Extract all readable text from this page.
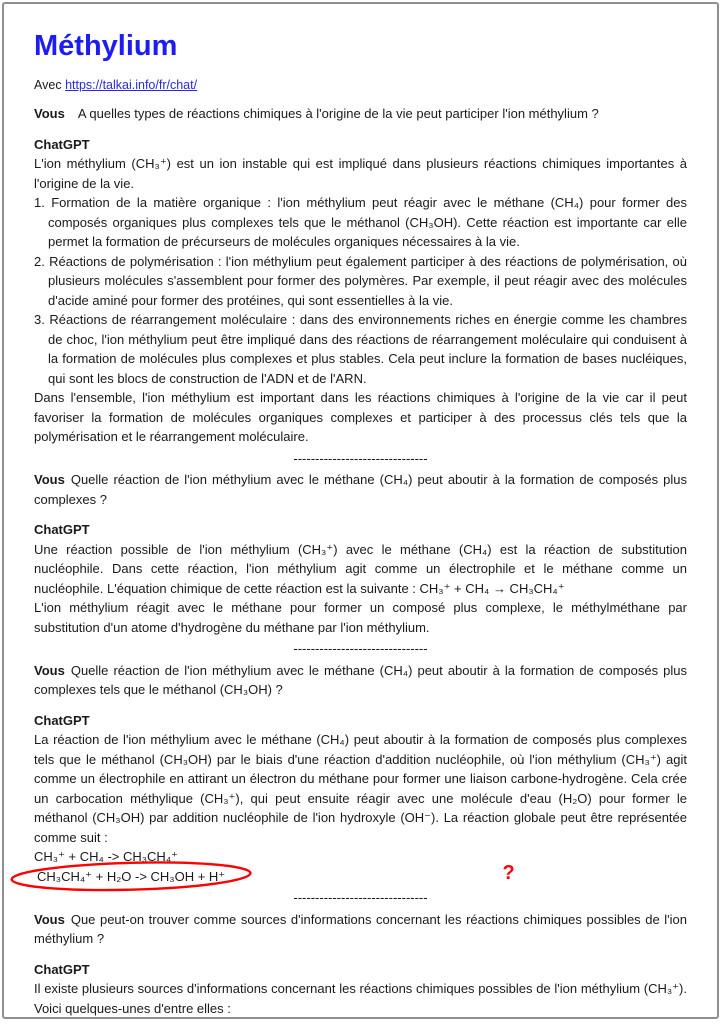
Méthylium

Avec https://talkai.info/fr/chat/

Vous A quelles types de réactions chimiques à l'origine de la vie peut participer l'ion méthylium ?

ChatGPT

L'ion méthylium (CH₃⁺) est un ion instable qui est impliqué dans plusieurs réactions chimiques importantes à l'origine de la vie.

1. Formation de la matière organique : l'ion méthylium peut réagir avec le méthane (CH₄) pour former des composés organiques plus complexes tels que le méthanol (CH₃OH). Cette réaction est importante car elle permet la formation de précurseurs de molécules organiques nécessaires à la vie.

2. Réactions de polymérisation : l'ion méthylium peut également participer à des réactions de polymérisation, où plusieurs molécules s'assemblent pour former des polymères. Par exemple, il peut réagir avec des molécules d'acide aminé pour former des protéines, qui sont essentielles à la vie.

3. Réactions de réarrangement moléculaire : dans des environnements riches en énergie comme les chambres de choc, l'ion méthylium peut être impliqué dans des réactions de réarrangement moléculaire qui conduisent à la formation de molécules plus complexes et plus stables. Cela peut inclure la formation de bases nucléiques, qui sont les blocs de construction de l'ADN et de l'ARN.

Dans l'ensemble, l'ion méthylium est important dans les réactions chimiques à l'origine de la vie car il peut favoriser la formation de molécules organiques complexes et participer à des processus clés tels que la polymérisation et le réarrangement moléculaire.

-------------------------------

Vous Quelle réaction de l'ion méthylium avec le méthane (CH₄) peut aboutir à la formation de composés plus complexes ?

ChatGPT

Une réaction possible de l'ion méthylium (CH₃⁺) avec le méthane (CH₄) est la réaction de substitution nucléophile. Dans cette réaction, l'ion méthylium agit comme un électrophile et le méthane comme un nucléophile. L'équation chimique de cette réaction est la suivante : CH₃⁺ + CH₄ → CH₃CH₄⁺

L'ion méthylium réagit avec le méthane pour former un composé plus complexe, le méthylméthane par substitution d'un atome d'hydrogène du méthane par l'ion méthylium.

-------------------------------

Vous Quelle réaction de l'ion méthylium avec le méthane (CH₄) peut aboutir à la formation de composés plus complexes tels que le méthanol (CH₃OH) ?

ChatGPT

La réaction de l'ion méthylium avec le méthane (CH₄) peut aboutir à la formation de composés plus complexes tels que le méthanol (CH₃OH) par le biais d'une réaction d'addition nucléophile, où l'ion méthylium (CH₃⁺) agit comme un électrophile en attirant un électron du méthane pour former une liaison carbone-hydrogène. Cela crée un carbocation méthylique (CH₃⁺), qui peut ensuite réagir avec une molécule d'eau (H₂O) pour former le méthanol (CH₃OH) par addition nucléophile de l'ion hydroxyle (OH⁻). La réaction globale peut être représentée comme suit :

CH₃⁺ + CH₄ -> CH₃CH₄⁺

CH₃CH₄⁺ + H₂O -> CH₃OH + H⁺	?

-------------------------------

Vous Que peut-on trouver comme sources d'informations concernant les réactions chimiques possibles de l'ion méthylium ?

ChatGPT

Il existe plusieurs sources d'informations concernant les réactions chimiques possibles de l'ion méthylium (CH₃⁺). Voici quelques-unes d'entre elles :
